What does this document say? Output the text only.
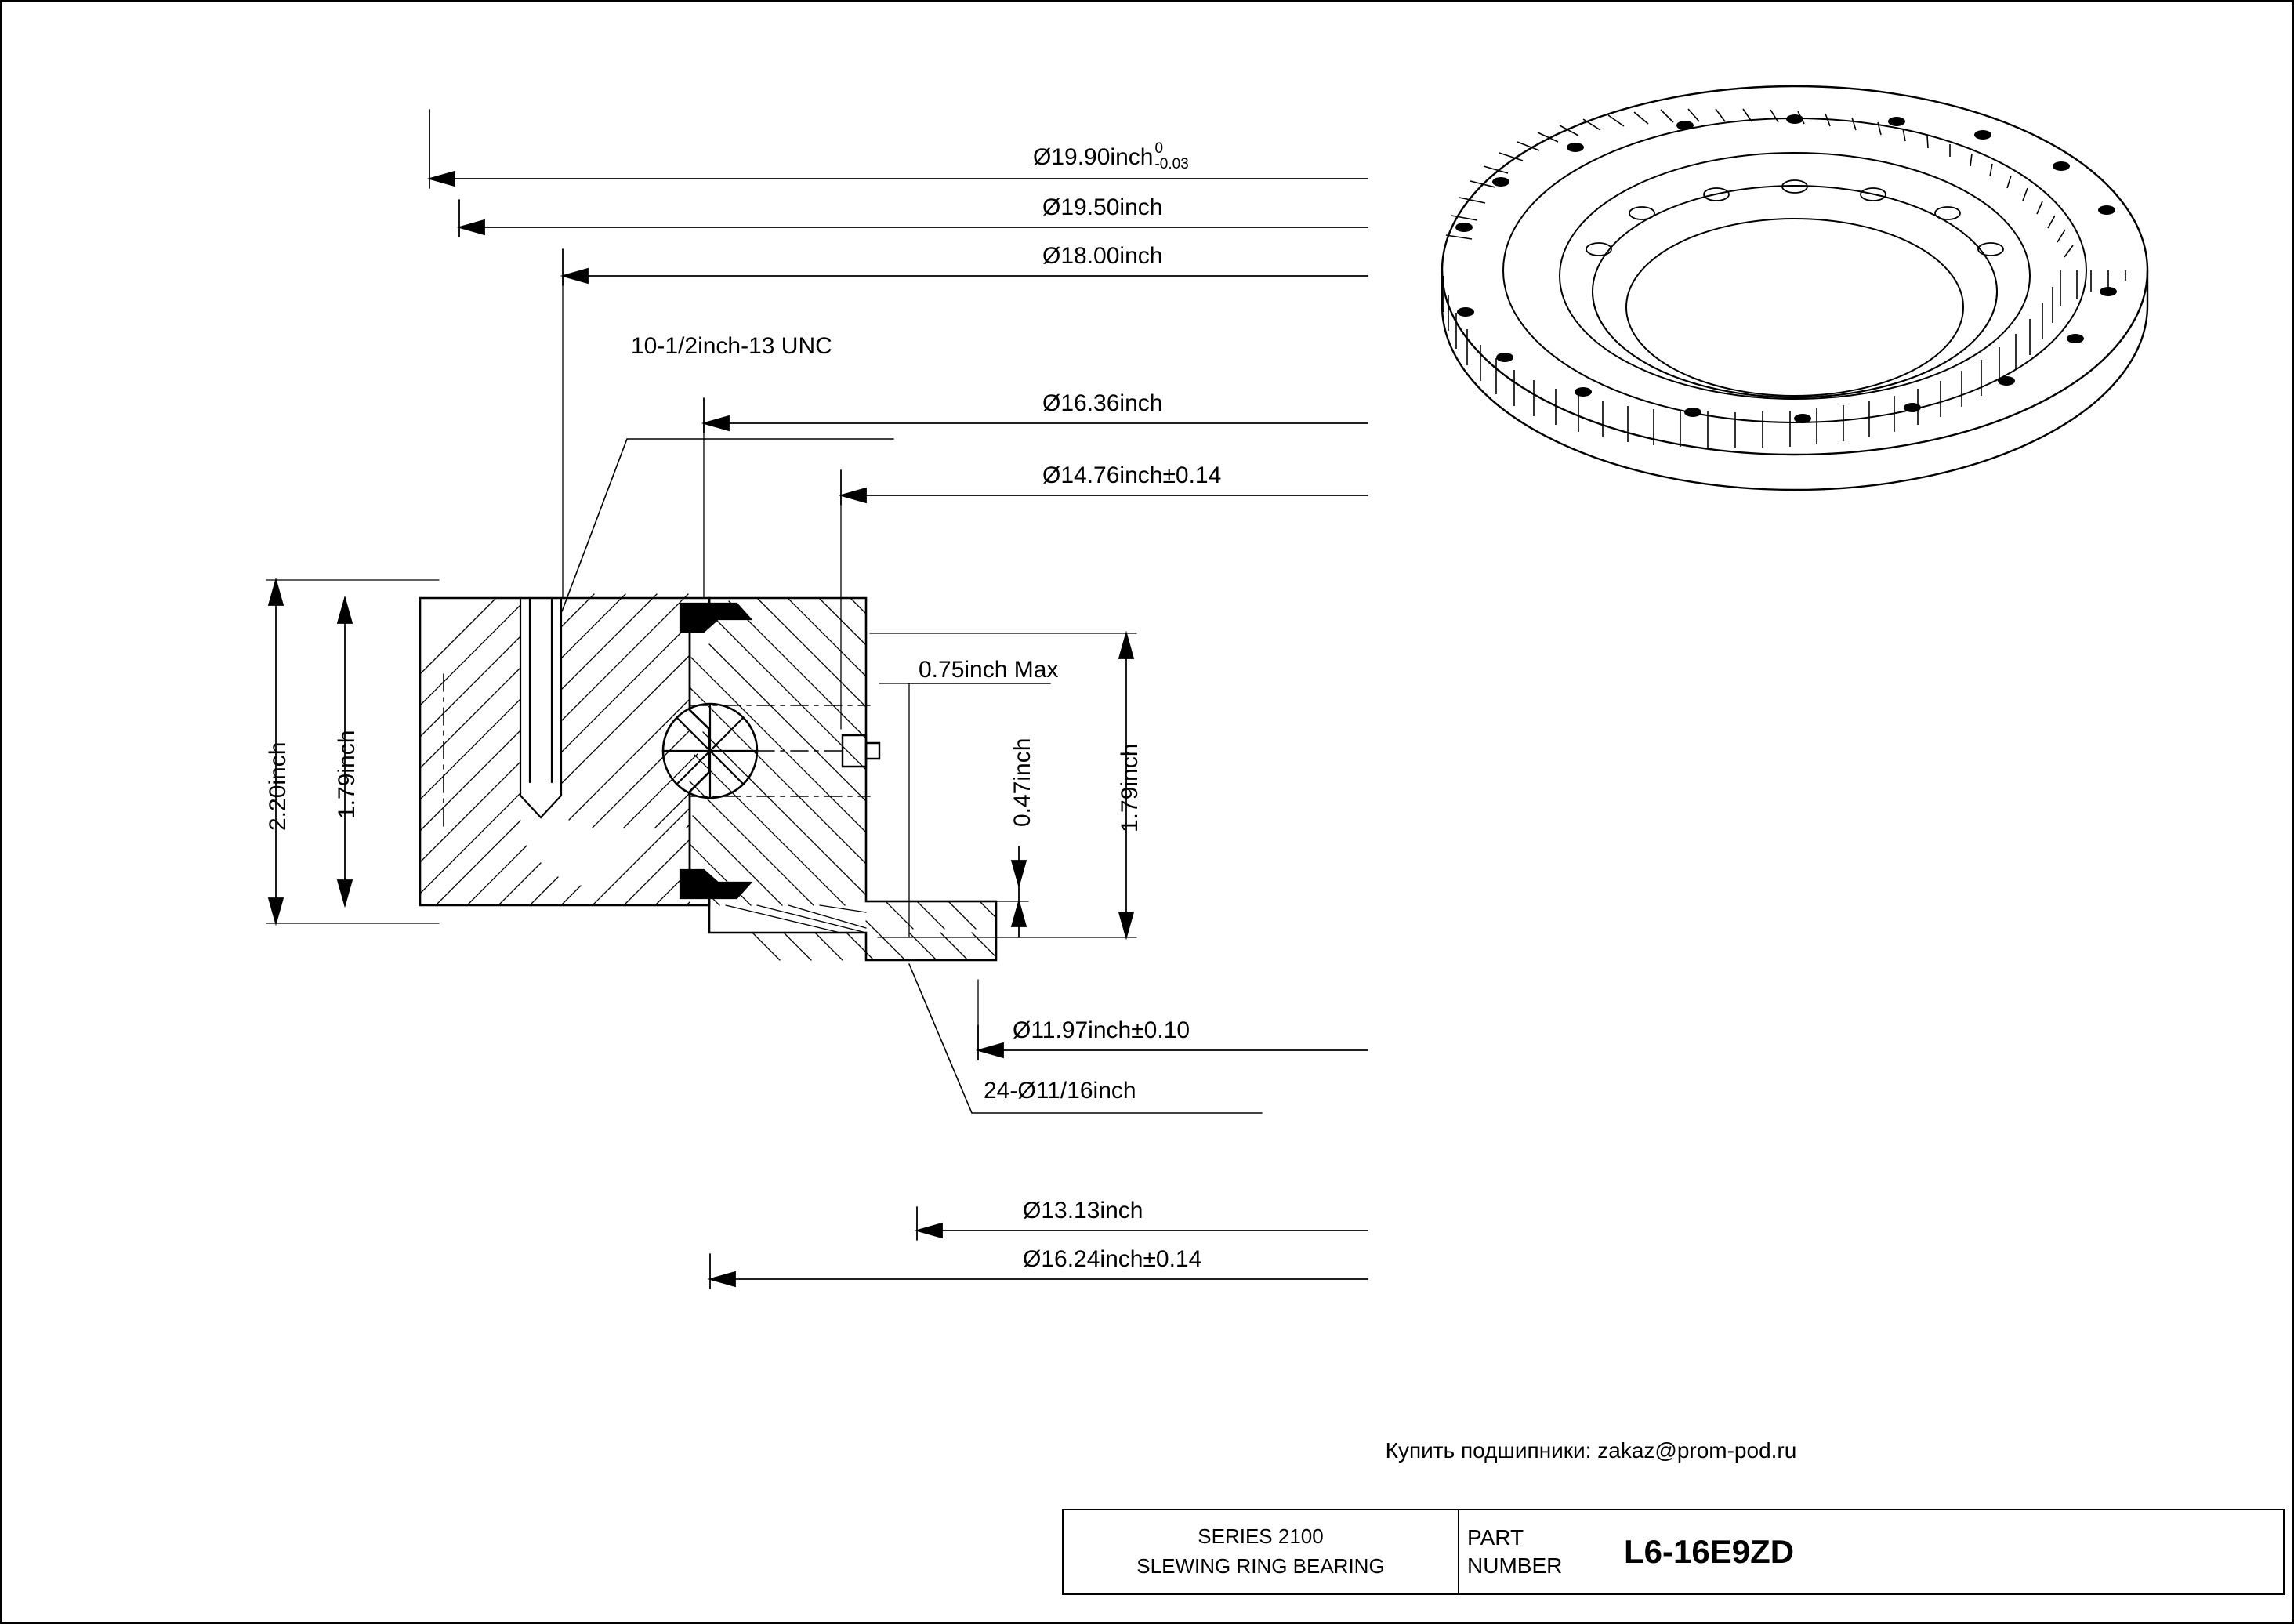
Ø19.90inch 0
-0.03
Ø19.50inch
Ø18.00inch
10-1/2inch-13 UNC
Ø16.36inch
Ø14.76inch±0.14
0.75inch Max
Ø11.97inch±0.10
24-Ø11/16inch
Ø13.13inch
Ø16.24inch±0.14
2.20inch 1.79inch	0.47inch	1.79inch
Купить подшипники: zakaz@prom-pod.ru
SERIES 2100
SLEWING RING BEARING
PART
NUMBER	L6-16E9ZD
